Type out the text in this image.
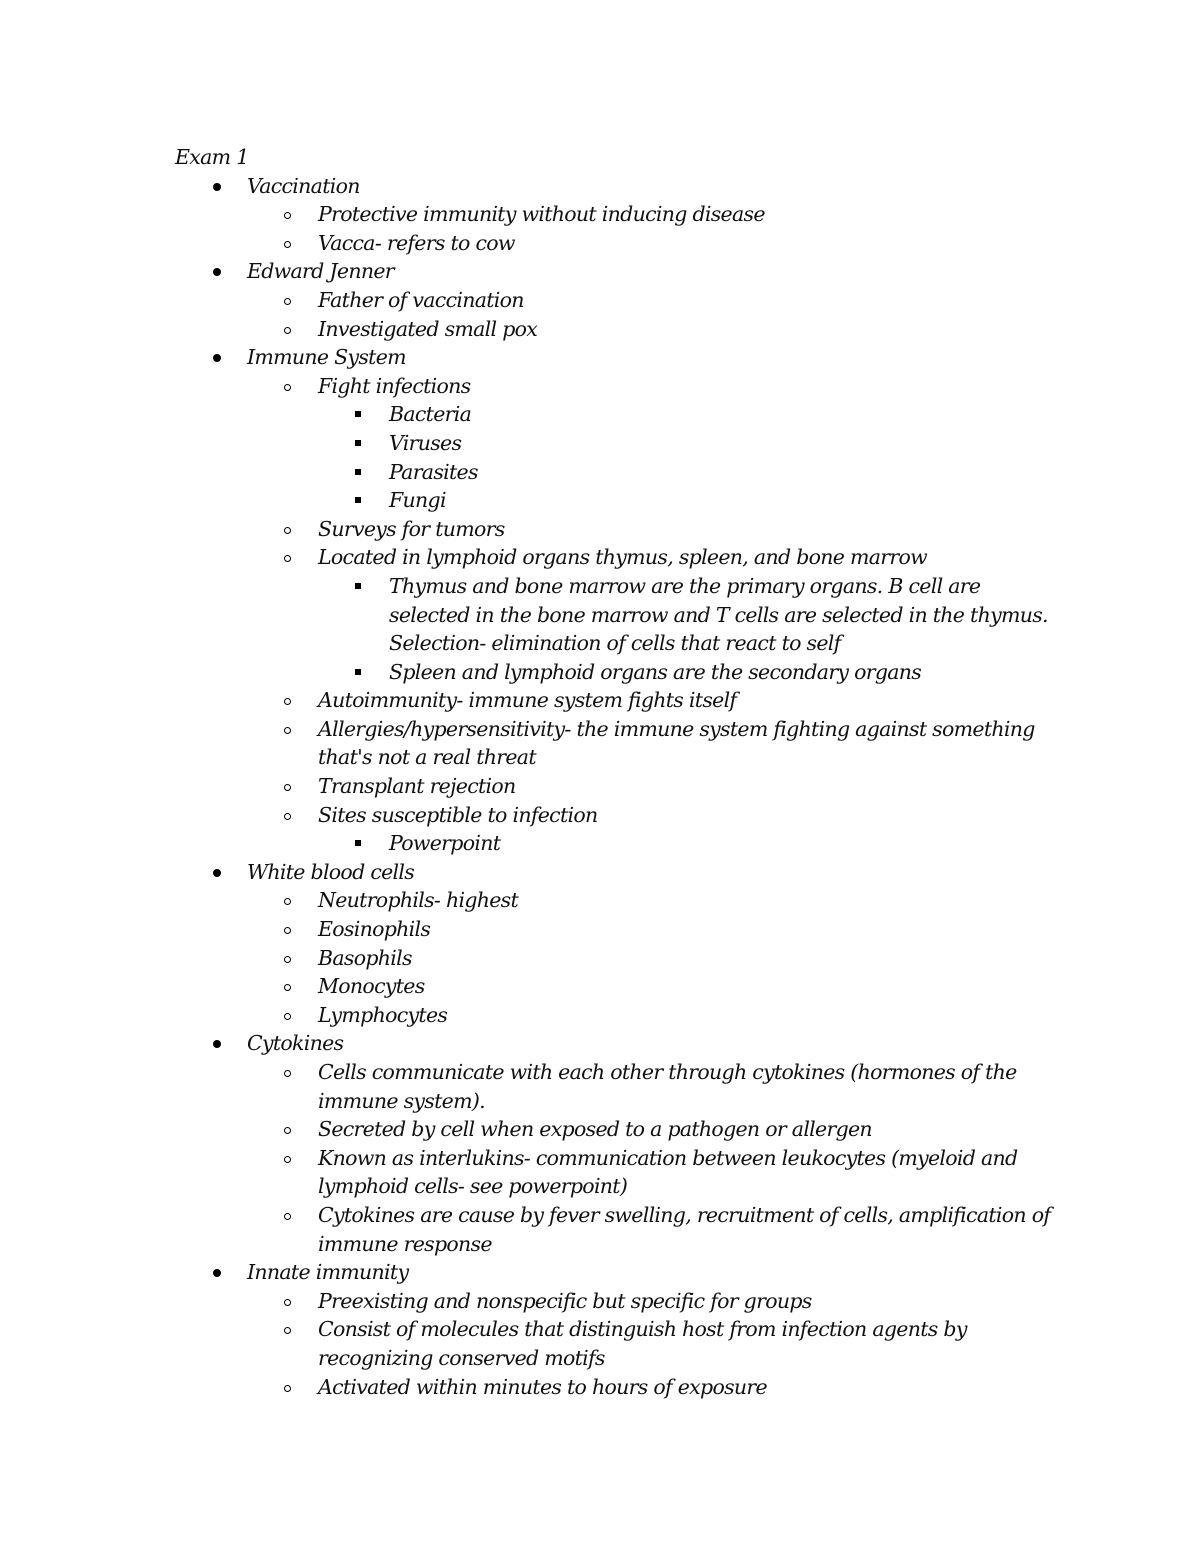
Exam 1
Vaccination
Protective immunity without inducing disease
Vacca- refers to cow
Edward Jenner
Father of vaccination
Investigated small pox
Immune System
Fight infections
Bacteria
Viruses
Parasites
Fungi
Surveys for tumors
Located in lymphoid organs thymus, spleen, and bone marrow
Thymus and bone marrow are the primary organs. B cell are selected in the bone marrow and T cells are selected in the thymus. Selection- elimination of cells that react to self
Spleen and lymphoid organs are the secondary organs
Autoimmunity- immune system fights itself
Allergies/hypersensitivity- the immune system fighting against something that's not a real threat
Transplant rejection
Sites susceptible to infection
Powerpoint
White blood cells
Neutrophils- highest
Eosinophils
Basophils
Monocytes
Lymphocytes
Cytokines
Cells communicate with each other through cytokines (hormones of the immune system).
Secreted by cell when exposed to a pathogen or allergen
Known as interlukins- communication between leukocytes (myeloid and lymphoid cells- see powerpoint)
Cytokines are cause by fever swelling, recruitment of cells, amplification of immune response
Innate immunity
Preexisting and nonspecific but specific for groups
Consist of molecules that distinguish host from infection agents by recognizing conserved motifs
Activated within minutes to hours of exposure
